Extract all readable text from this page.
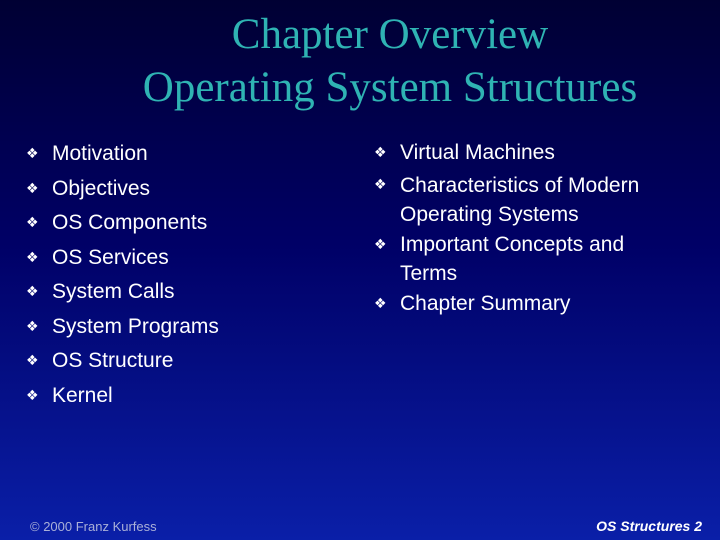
Chapter Overview
Operating System Structures
❖ Motivation
❖ Objectives
❖ OS Components
❖ OS Services
❖ System Calls
❖ System Programs
❖ OS Structure
❖ Kernel
❖ Virtual Machines
❖ Characteristics of Modern Operating Systems
❖ Important Concepts and Terms
❖ Chapter Summary
© 2000 Franz Kurfess	OS Structures 2
